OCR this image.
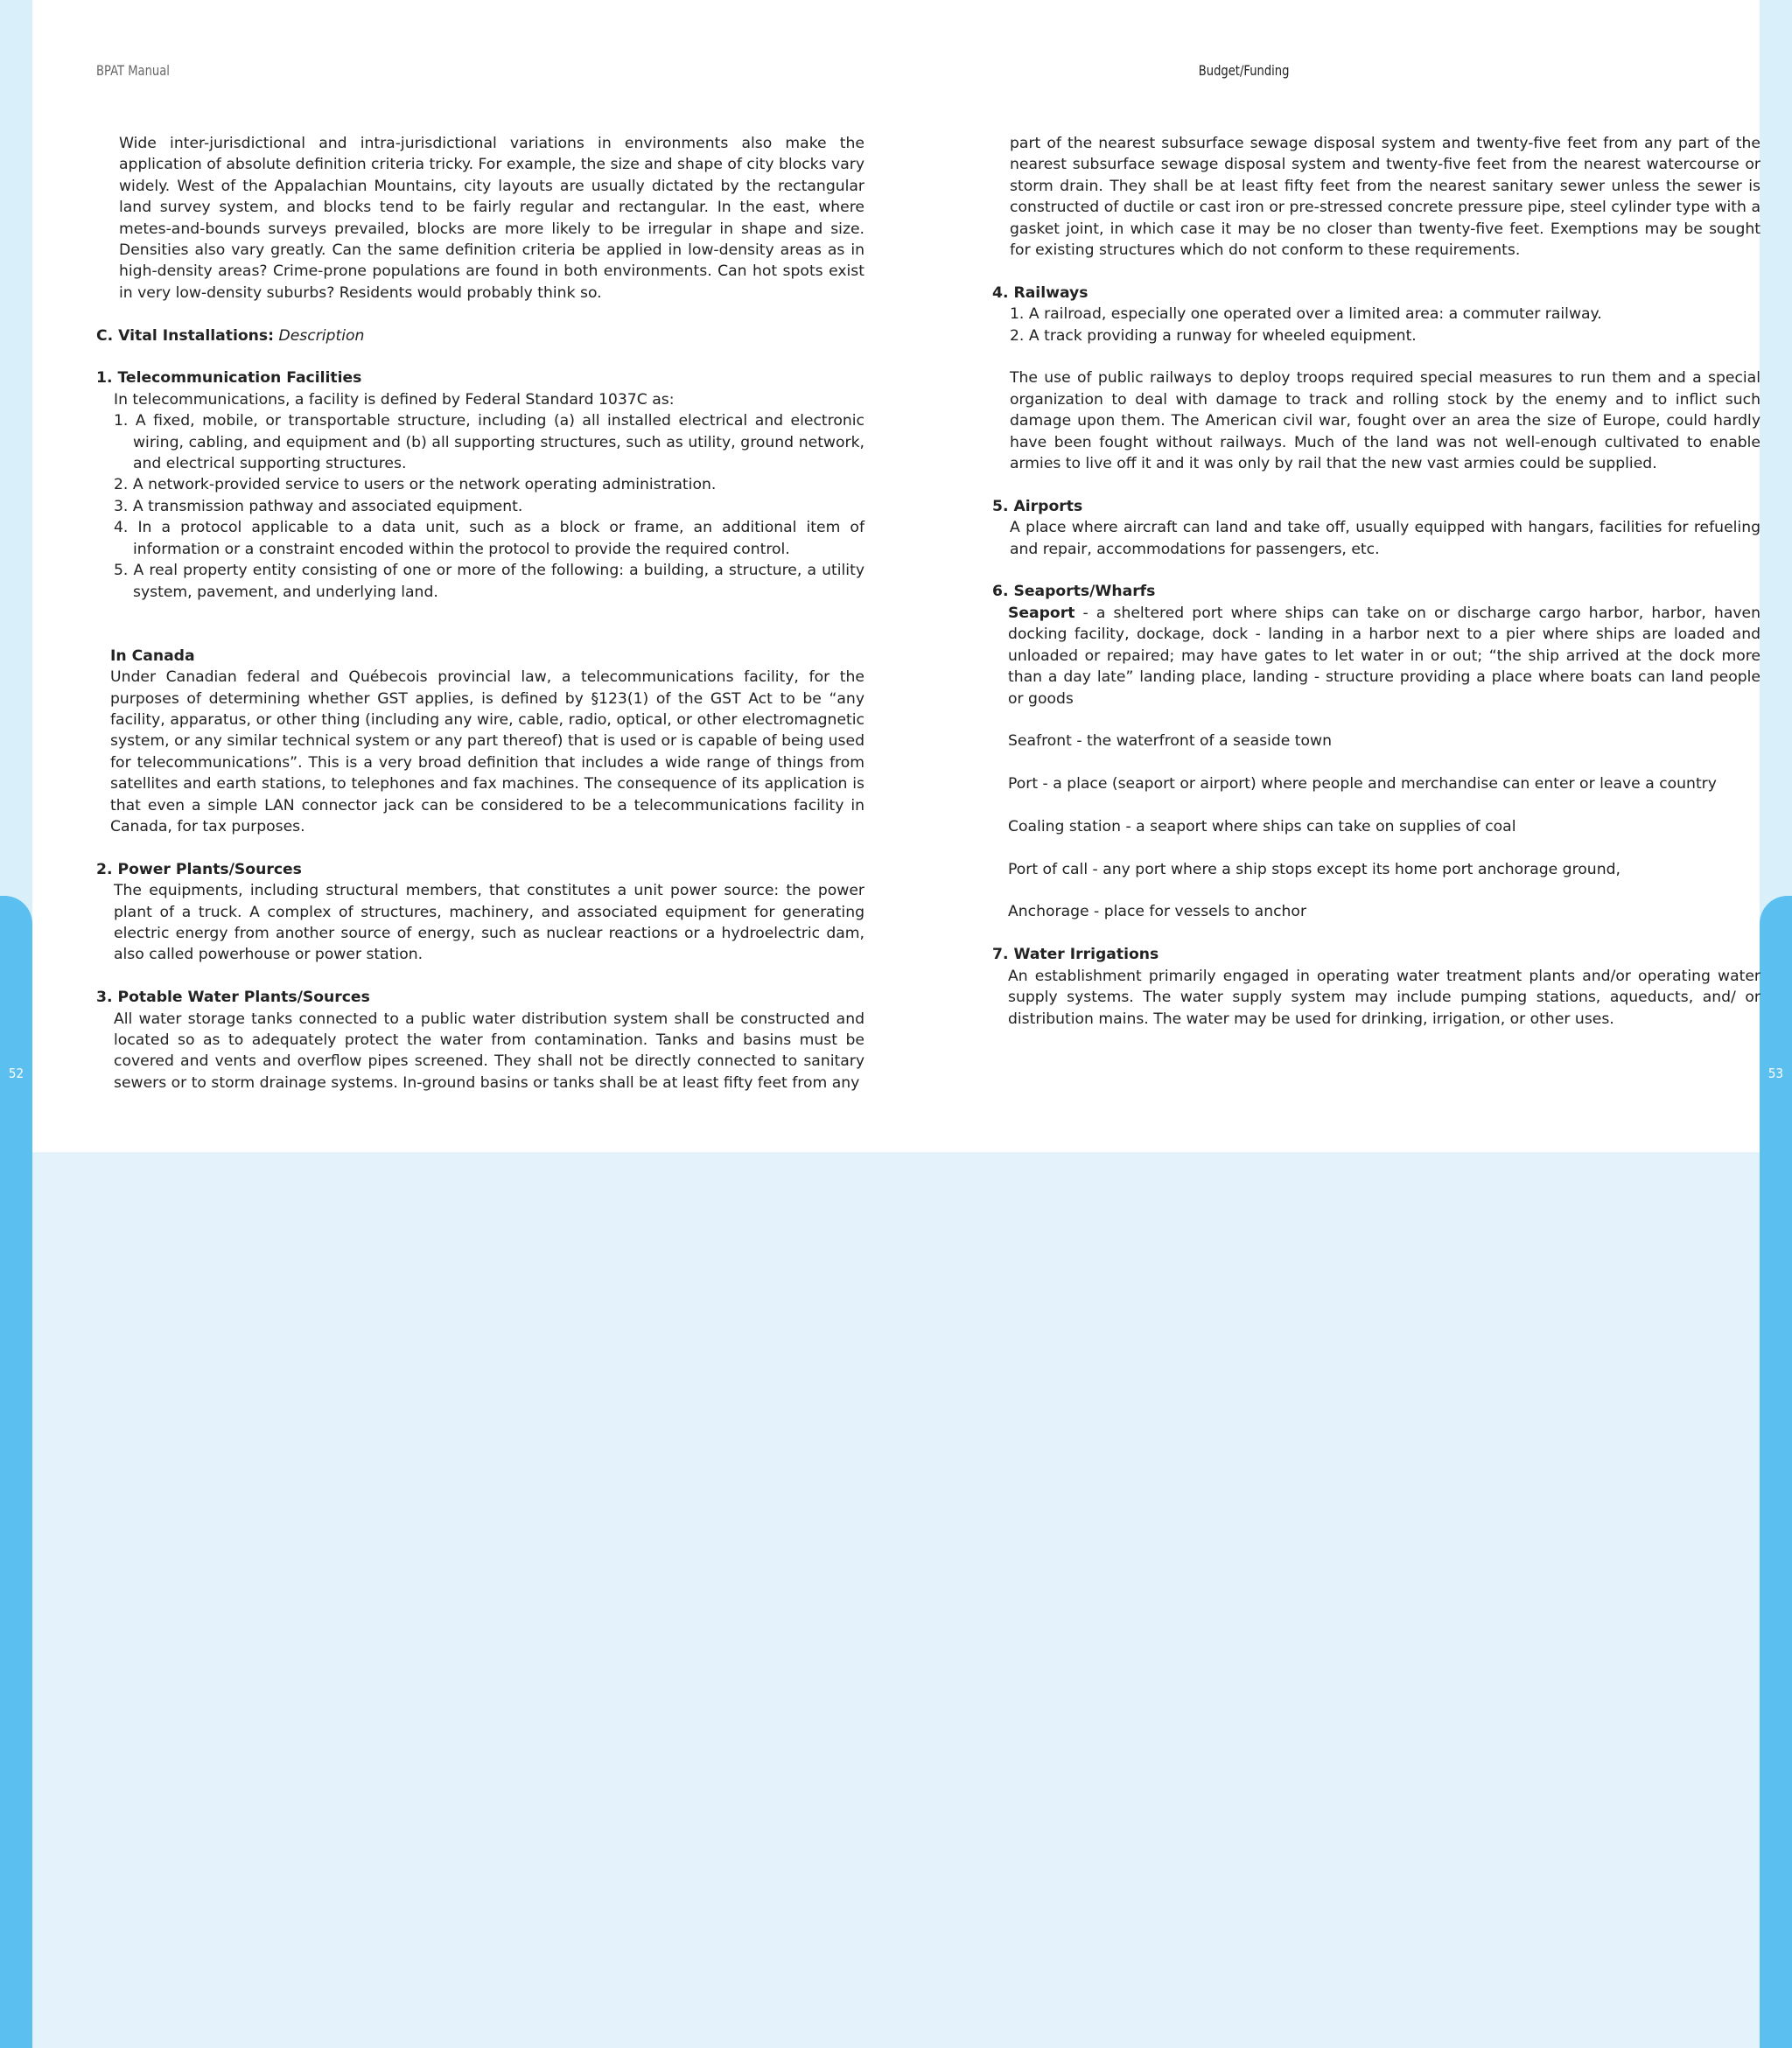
52	53
BPAT Manual	Budget/Funding

Wide inter-jurisdictional and intra-jurisdictional variations in environments also make the application of absolute definition criteria tricky. For example, the size and shape of city blocks vary widely. West of the Appalachian Mountains, city layouts are usually dictated by the rectangular land survey system, and blocks tend to be fairly regular and rectangular. In the east, where metes-and-bounds surveys prevailed, blocks are more likely to be irregular in shape and size. Densities also vary greatly. Can the same definition criteria be applied in low-density areas as in high-density areas? Crime-prone populations are found in both environments. Can hot spots exist in very low-density suburbs? Residents would probably think so.

C. Vital Installations: Description

1. Telecommunication Facilities

In telecommunications, a facility is defined by Federal Standard 1037C as:

1. A fixed, mobile, or transportable structure, including (a) all installed electrical and electronic wiring, cabling, and equipment and (b) all supporting structures, such as utility, ground network, and electrical supporting structures.
2. A network-provided service to users or the network operating administration.
3. A transmission pathway and associated equipment.
4. In a protocol applicable to a data unit, such as a block or frame, an additional item of information or a constraint encoded within the protocol to provide the required control.
5. A real property entity consisting of one or more of the following: a building, a structure, a utility system, pavement, and underlying land.

In Canada

Under Canadian federal and Québecois provincial law, a telecommunications facility, for the purposes of determining whether GST applies, is defined by §123(1) of the GST Act to be “any facility, apparatus, or other thing (including any wire, cable, radio, optical, or other electromagnetic system, or any similar technical system or any part thereof) that is used or is capable of being used for telecommunications”. This is a very broad definition that includes a wide range of things from satellites and earth stations, to telephones and fax machines. The consequence of its application is that even a simple LAN connector jack can be considered to be a telecommunications facility in Canada, for tax purposes.

2. Power Plants/Sources

The equipments, including structural members, that constitutes a unit power source: the power plant of a truck. A complex of structures, machinery, and associated equipment for generating electric energy from another source of energy, such as nuclear reactions or a hydroelectric dam, also called powerhouse or power station.

3. Potable Water Plants/Sources

All water storage tanks connected to a public water distribution system shall be constructed and located so as to adequately protect the water from contamination. Tanks and basins must be covered and vents and overflow pipes screened. They shall not be directly connected to sanitary sewers or to storm drainage systems. In-ground basins or tanks shall be at least fifty feet from any

part of the nearest subsurface sewage disposal system and twenty-five feet from any part of the nearest subsurface sewage disposal system and twenty-five feet from the nearest watercourse or storm drain. They shall be at least fifty feet from the nearest sanitary sewer unless the sewer is constructed of ductile or cast iron or pre-stressed concrete pressure pipe, steel cylinder type with a gasket joint, in which case it may be no closer than twenty-five feet. Exemptions may be sought for existing structures which do not conform to these requirements.

4. Railways

1. A railroad, especially one operated over a limited area: a commuter railway.

2. A track providing a runway for wheeled equipment.

The use of public railways to deploy troops required special measures to run them and a special organization to deal with damage to track and rolling stock by the enemy and to inflict such damage upon them. The American civil war, fought over an area the size of Europe, could hardly have been fought without railways. Much of the land was not well-enough cultivated to enable armies to live off it and it was only by rail that the new vast armies could be supplied.

5. Airports

A place where aircraft can land and take off, usually equipped with hangars, facilities for refueling and repair, accommodations for passengers, etc.

6. Seaports/Wharfs

Seaport - a sheltered port where ships can take on or discharge cargo harbor, harbor, haven docking facility, dockage, dock - landing in a harbor next to a pier where ships are loaded and unloaded or repaired; may have gates to let water in or out; “the ship arrived at the dock more than a day late” landing place, landing - structure providing a place where boats can land people or goods

Seafront - the waterfront of a seaside town

Port - a place (seaport or airport) where people and merchandise can enter or leave a country

Coaling station - a seaport where ships can take on supplies of coal

Port of call - any port where a ship stops except its home port anchorage ground,

Anchorage - place for vessels to anchor

7. Water Irrigations

An establishment primarily engaged in operating water treatment plants and/or operating water supply systems. The water supply system may include pumping stations, aqueducts, and/ or distribution mains. The water may be used for drinking, irrigation, or other uses.
